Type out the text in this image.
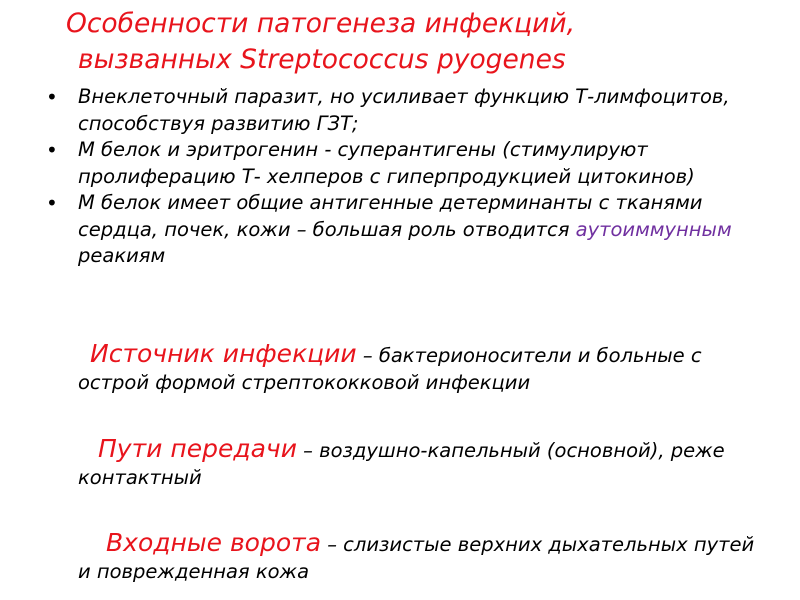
Особенности патогенеза инфекций,
вызванных Streptococcus pyogenes
• Внеклеточный паразит, но усиливает функцию Т-лимфоцитов, способствуя развитию ГЗТ;
• М белок и эритрогенин - суперантигены (стимулируют пролиферацию Т- хелперов с гиперпродукцией цитокинов)
• М белок имеет общие антигенные детерминанты с тканями сердца, почек, кожи – большая роль отводится аутоиммунным реакиям
Источник инфекции – бактерионосители и больные с острой формой стрептококковой инфекции
Пути передачи – воздушно-капельный (основной), реже контактный
Входные ворота – слизистые верхних дыхательных путей и поврежденная кожа
